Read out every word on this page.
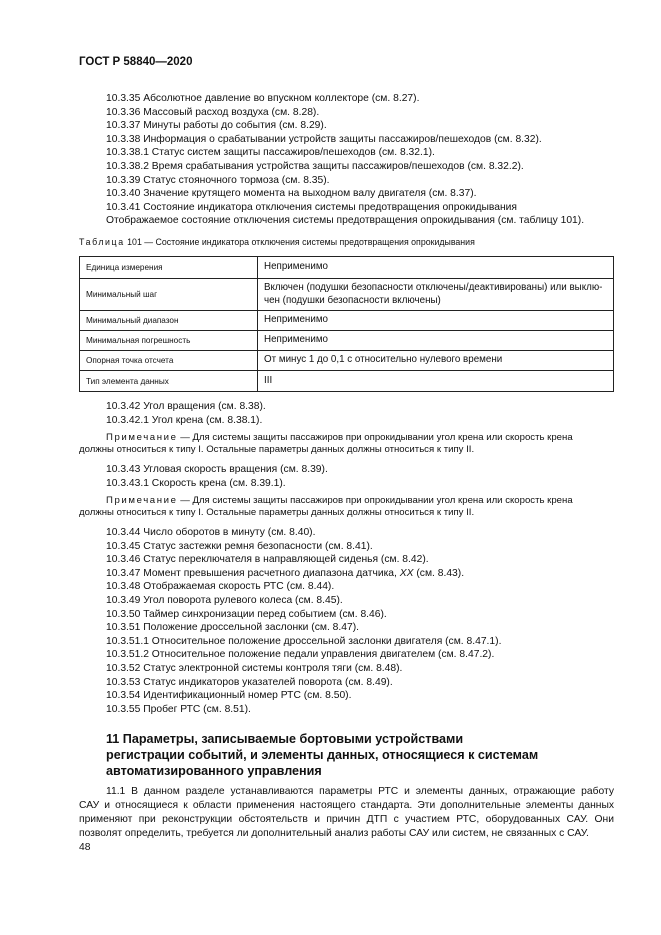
ГОСТ Р 58840—2020
10.3.35 Абсолютное давление во впускном коллекторе (см. 8.27).
10.3.36 Массовый расход воздуха (см. 8.28).
10.3.37 Минуты работы до события (см. 8.29).
10.3.38 Информация о срабатывании устройств защиты пассажиров/пешеходов (см. 8.32).
10.3.38.1 Статус систем защиты пассажиров/пешеходов (см. 8.32.1).
10.3.38.2 Время срабатывания устройства защиты пассажиров/пешеходов (см. 8.32.2).
10.3.39 Статус стояночного тормоза (см. 8.35).
10.3.40 Значение крутящего момента на выходном валу двигателя (см. 8.37).
10.3.41 Состояние индикатора отключения системы предотвращения опрокидывания
Отображаемое состояние отключения системы предотвращения опрокидывания (см. таблицу 101).
Таблица 101 — Состояние индикатора отключения системы предотвращения опрокидывания
Единица измерения	Неприменимо
Минимальный шаг	Включен (подушки безопасности отключены/деактивированы) или выклю-
чен (подушки безопасности включены)

Минимальный диапазон	Неприменимо
Минимальная погрешность	Неприменимо
Опорная точка отсчета	От минус 1 до 0,1 с относительно нулевого времени
Тип элемента данных	III
10.3.42 Угол вращения (см. 8.38).
10.3.42.1 Угол крена (см. 8.38.1).
Примечание — Для системы защиты пассажиров при опрокидывании угол крена или скорость крена
должны относиться к типу I. Остальные параметры данных должны относиться к типу II.
10.3.43 Угловая скорость вращения (см. 8.39).
10.3.43.1 Скорость крена (см. 8.39.1).
Примечание — Для системы защиты пассажиров при опрокидывании угол крена или скорость крена
должны относиться к типу I. Остальные параметры данных должны относиться к типу II.
10.3.44 Число оборотов в минуту (см. 8.40).
10.3.45 Статус застежки ремня безопасности (см. 8.41).
10.3.46 Статус переключателя в направляющей сиденья (см. 8.42).
10.3.47 Момент превышения расчетного диапазона датчика, XX (см. 8.43).
10.3.48 Отображаемая скорость РТС (см. 8.44).
10.3.49 Угол поворота рулевого колеса (см. 8.45).
10.3.50 Таймер синхронизации перед событием (см. 8.46).
10.3.51 Положение дроссельной заслонки (см. 8.47).
10.3.51.1 Относительное положение дроссельной заслонки двигателя (см. 8.47.1).
10.3.51.2 Относительное положение педали управления двигателем (см. 8.47.2).
10.3.52 Статус электронной системы контроля тяги (см. 8.48).
10.3.53 Статус индикаторов указателей поворота (см. 8.49).
10.3.54 Идентификационный номер РТС (см. 8.50).
10.3.55 Пробег РТС (см. 8.51).
11 Параметры, записываемые бортовыми устройствами
регистрации событий, и элементы данных, относящиеся к системам
автоматизированного управления
11.1 В данном разделе устанавливаются параметры РТС и элементы данных, отражающие работу
САУ и относящиеся к области применения настоящего стандарта. Эти дополнительные элементы данных
применяют при реконструкции обстоятельств и причин ДТП с участием РТС, оборудованных САУ. Они
позволят определить, требуется ли дополнительный анализ работы САУ или систем, не связанных с САУ.
48
